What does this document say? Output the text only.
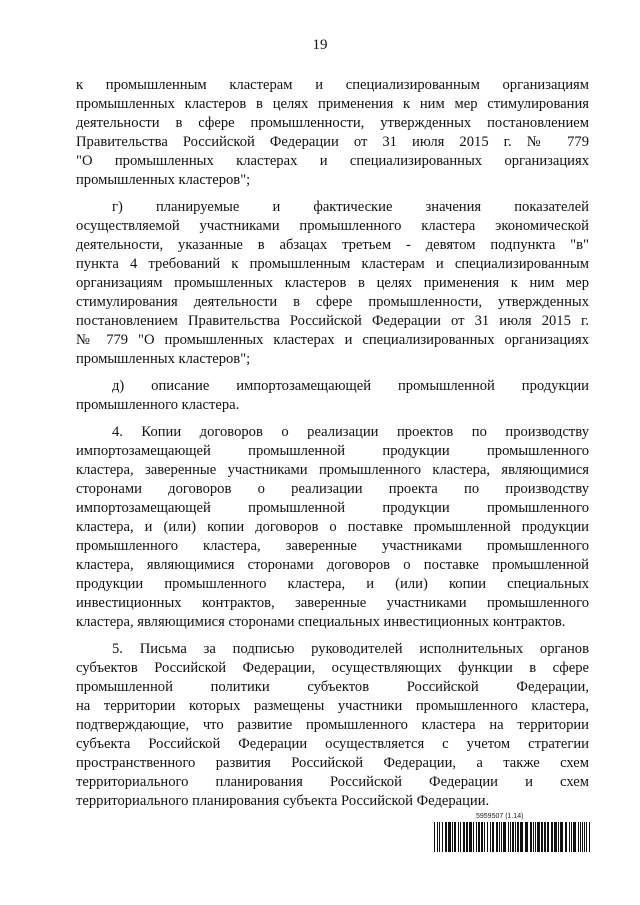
19
к промышленным кластерам и специализированным организациям
промышленных кластеров в целях применения к ним мер стимулирования
деятельности в сфере промышленности, утвержденных постановлением
Правительства Российской Федерации от 31 июля 2015 г. № 779
"О промышленных кластерах и специализированных организациях
промышленных кластеров";
г) планируемые и фактические значения показателей
осуществляемой участниками промышленного кластера экономической
деятельности, указанные в абзацах третьем - девятом подпункта "в"
пункта 4 требований к промышленным кластерам и специализированным
организациям промышленных кластеров в целях применения к ним мер
стимулирования деятельности в сфере промышленности, утвержденных
постановлением Правительства Российской Федерации от 31 июля 2015 г.
№ 779 "О промышленных кластерах и специализированных организациях
промышленных кластеров";
д) описание импортозамещающей промышленной продукции
промышленного кластера.
4. Копии договоров о реализации проектов по производству
импортозамещающей промышленной продукции промышленного
кластера, заверенные участниками промышленного кластера, являющимися
сторонами договоров о реализации проекта по производству
импортозамещающей промышленной продукции промышленного
кластера, и (или) копии договоров о поставке промышленной продукции
промышленного кластера, заверенные участниками промышленного
кластера, являющимися сторонами договоров о поставке промышленной
продукции промышленного кластера, и (или) копии специальных
инвестиционных контрактов, заверенные участниками промышленного
кластера, являющимися сторонами специальных инвестиционных контрактов.
5. Письма за подписью руководителей исполнительных органов
субъектов Российской Федерации, осуществляющих функции в сфере
промышленной политики субъектов Российской Федерации,
на территории которых размещены участники промышленного кластера,
подтверждающие, что развитие промышленного кластера на территории
субъекта Российской Федерации осуществляется с учетом стратегии
пространственного развития Российской Федерации, а также схем
территориального планирования Российской Федерации и схем
территориального планирования субъекта Российской Федерации.
5959507 (1.14)
